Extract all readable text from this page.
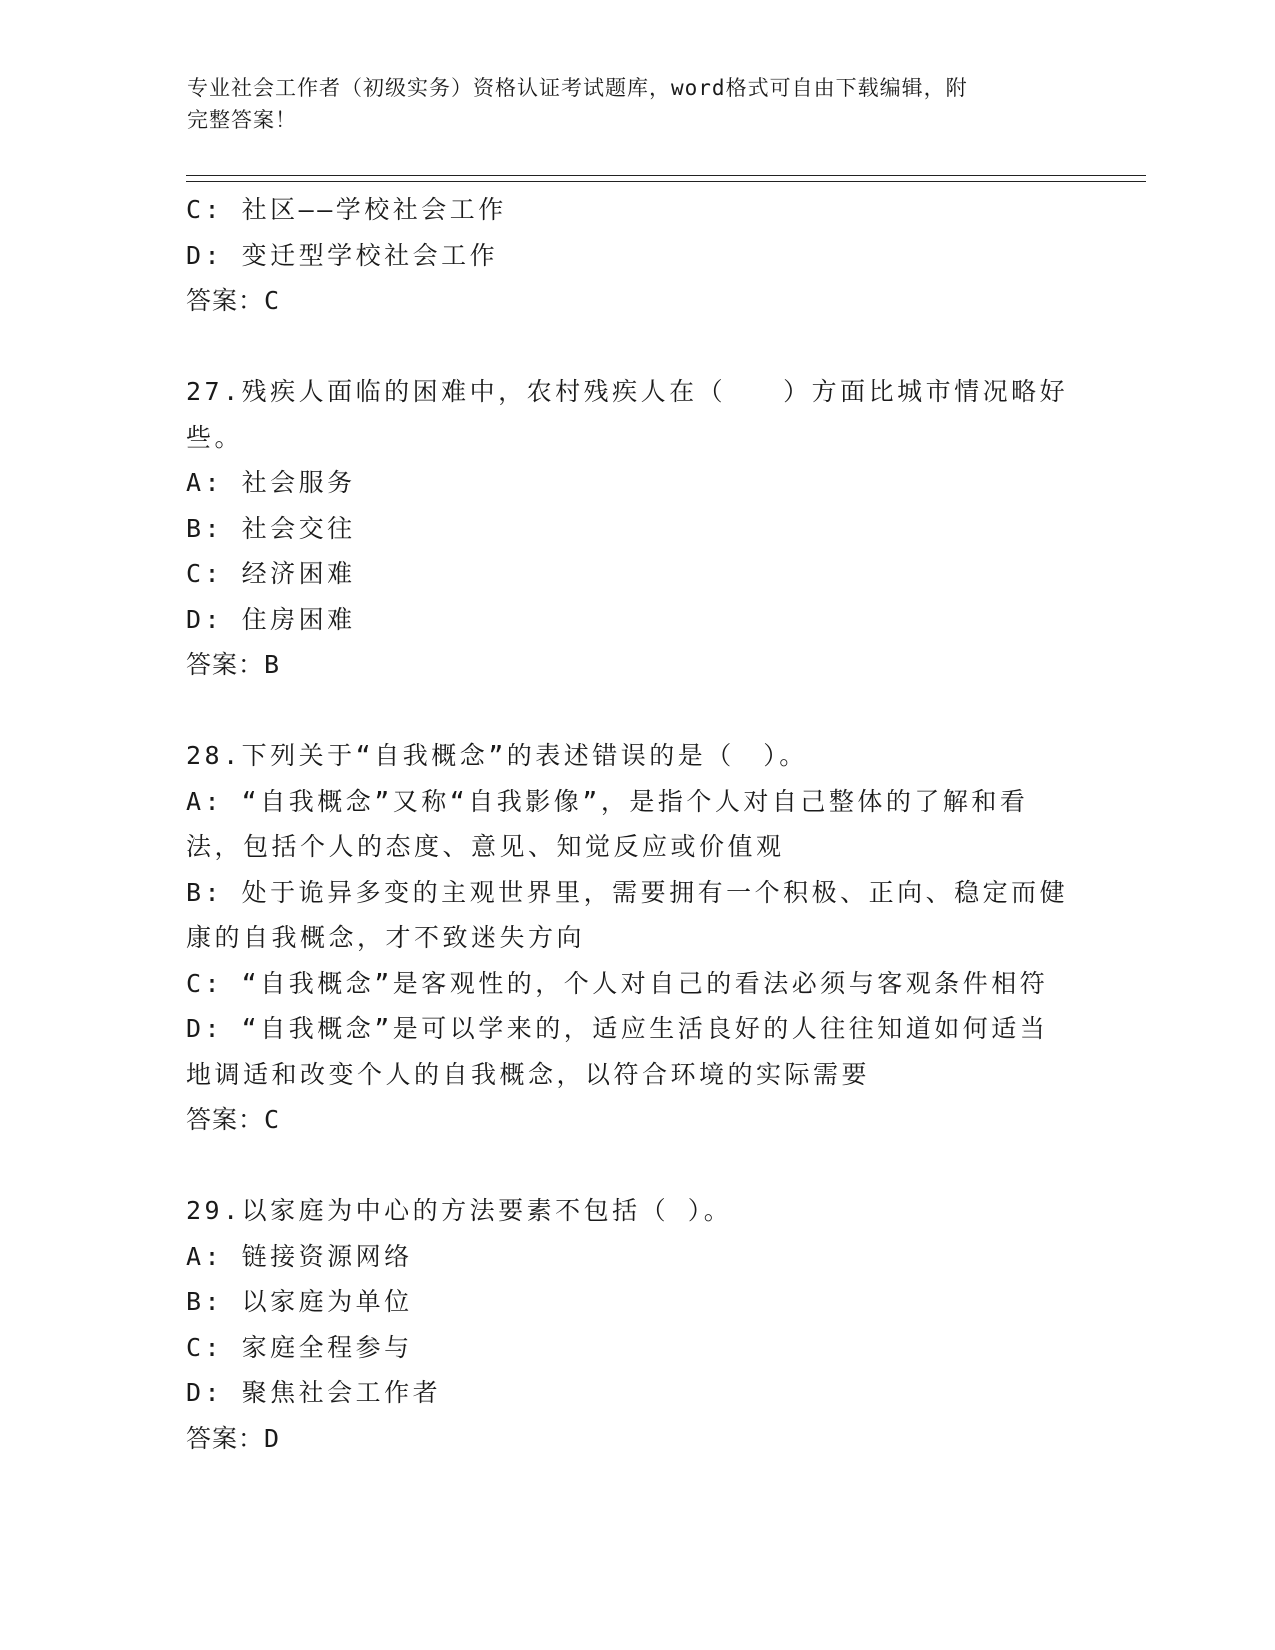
专业社会工作者（初级实务）资格认证考试题库，word格式可自由下载编辑，附
完整答案！
C: 社区——学校社会工作
D: 变迁型学校社会工作
答案：C
27.残疾人面临的困难中，农村残疾人在（　　）方面比城市情况略好
些。
A: 社会服务
B: 社会交往
C: 经济困难
D: 住房困难
答案：B
28.下列关于“自我概念”的表述错误的是（　）。
A: “自我概念”又称“自我影像”，是指个人对自己整体的了解和看
法，包括个人的态度、意见、知觉反应或价值观
B: 处于诡异多变的主观世界里，需要拥有一个积极、正向、稳定而健
康的自我概念，才不致迷失方向
C: “自我概念”是客观性的，个人对自己的看法必须与客观条件相符
D: “自我概念”是可以学来的，适应生活良好的人往往知道如何适当
地调适和改变个人的自我概念，以符合环境的实际需要
答案：C
29.以家庭为中心的方法要素不包括（ ）。
A: 链接资源网络
B: 以家庭为单位
C: 家庭全程参与
D: 聚焦社会工作者
答案：D
